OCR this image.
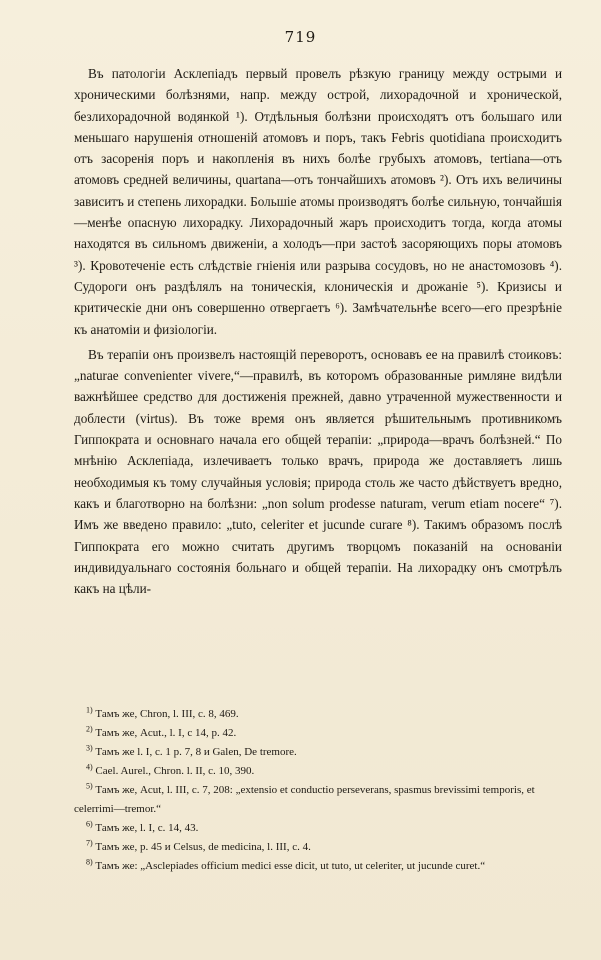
719

Въ патологіи Асклепіадъ первый провелъ рѣзкую границу между острыми и хроническими болѣзнями, напр. между острой, лихорадочной и хронической, безлихорадочной водянкой ¹). Отдѣльныя болѣзни происходятъ отъ большаго или меньшаго нарушенія отношеній атомовъ и поръ, такъ Febris quotidiana происходитъ отъ засоренія поръ и накопленія въ нихъ болѣе грубыхъ атомовъ, tertiana—отъ атомовъ средней величины, quartana—отъ тончайшихъ атомовъ ²). Отъ ихъ величины зависитъ и степень лихорадки. Большіе атомы производятъ болѣе сильную, тончайшія—менѣе опасную лихорадку. Лихорадочный жаръ происходитъ тогда, когда атомы находятся въ сильномъ движеніи, а холодъ—при застоѣ засоряющихъ поры атомовъ ³). Кровотеченіе есть слѣдствіе гніенія или разрыва сосудовъ, но не анастомозовъ ⁴). Судороги онъ раздѣлялъ на тоническія, клоническія и дрожаніе ⁵). Кризисы и критическіе дни онъ совершенно отвергаетъ ⁶). Замѣчательнѣе всего—его презрѣніе къ анатоміи и физіологіи.

Въ терапіи онъ произвелъ настоящій переворотъ, основавъ ее на правилѣ стоиковъ: „naturae convenienter vivere,“—правилѣ, въ которомъ образованные римляне видѣли важнѣйшее средство для достиженія прежней, давно утраченной мужественности и доблести (virtus). Въ тоже время онъ является рѣшительнымъ противникомъ Гиппократа и основнаго начала его общей терапіи: „природа—врачъ болѣзней.“ По мнѣнію Асклепіада, излечиваетъ только врачъ, природа же доставляетъ лишь необходимыя къ тому случайныя условія; природа столь же часто дѣйствуетъ вредно, какъ и благотворно на болѣзни: „non solum prodesse naturam, verum etiam nocere“ ⁷). Имъ же введено правило: „tuto, celeriter et jucunde curare ⁸). Такимъ образомъ послѣ Гиппократа его можно считать другимъ творцомъ показаній на основаніи индивидуальнаго состоянія больнаго и общей терапіи. На лихорадку онъ смотрѣлъ какъ на цѣли-

$^{1)}$ Тамъ же, Chron, l. III, c. 8, 469.

$^{2)}$ Тамъ же, Acut., l. I, c 14, p. 42.

$^{3)}$ Тамъ же l. I, c. 1 p. 7, 8 и Galen, De tremore.

$^{4)}$ Cael. Aurel., Chron. l. II, c. 10, 390.

$^{5)}$ Тамъ же, Acut, l. III, c. 7, 208: „extensio et conductio perseverans, spasmus brevissimi temporis, et celerrimi—tremor.“

$^{6)}$ Тамъ же, l. I, c. 14, 43.

$^{7)}$ Тамъ же, p. 45 и Celsus, de medicina, l. III, c. 4.

$^{8)}$ Тамъ же: „Asclepiades officium medici esse dicit, ut tuto, ut celeriter, ut jucunde curet.“
